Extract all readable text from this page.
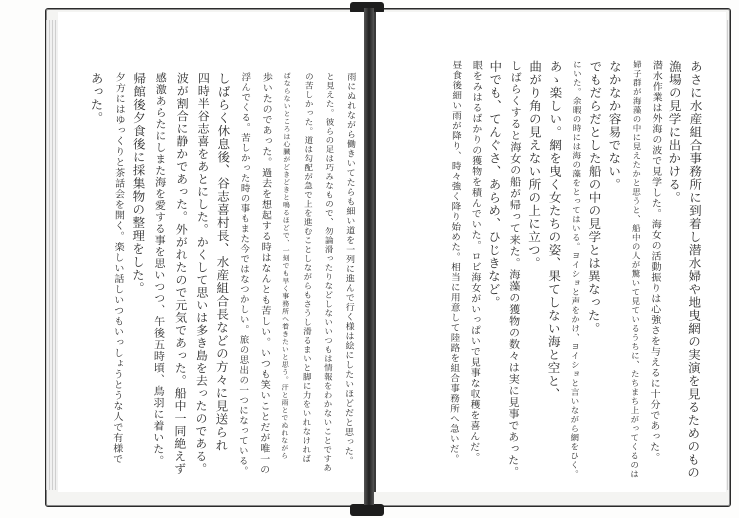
雨にぬれながら働きいてたらも細い道を一列に進んで行く様は絵にしたいほどだと思った。
と見えた。彼らの足は巧みなもので、勿論滑ったりなどしないいつもは情報をわかないことですあ
の苦しかった。道は勾配が急で上を進むことしながらもさうし滑るまいと脚に力をいれなければ
ばならないところは心臓がどきどきと鳴るほどで、一刻でも早く事務所へ着きたいと思う。汗と雨とでぬれながら
歩いたのであった。過去を想起する時はなんとも苦しい。いつも笑いことだが唯一の
浮んでくる。苦しかった時の事もまた今ではなつかしい。旅の思出の一つになっている。
しばらく休息後、谷志喜村長、水産組合長などの方々に見送られ
四時半谷志喜をあとにした。かくして思いは多き島を去ったのである。
波が割合に静かであった。外がれたので元気であった。船中一同絶えず
感激あらたにしまた海を愛する事を思いつつ、午後五時頃、鳥羽に着いた。
帰館後夕食後に採集物の整理をした。
夕方にはゆっくりと茶話会を開く。楽しい話しいつもいっしょうとうな人で有様で
あった。	あさに水産組合事務所に到着し潜水婦や地曳網の実演を見るためのもの
漁場の見学に出かける。
潜水作業は外海の波で見学した。海女の活動振りは心強さを与えるに十分であった。
婦子群が海藻の中に見えたかと思うと、船中の人が驚いて見ているうちに、たちまち上がってくるのは
なかなか容易でない。
でもだらだとした船の中の見学とは異なった。
にいた。余暇の時には海の藻をとってはいる。ヨイショと声をかけ、ヨイショと言いながら網をひく。
あゝ楽しい。網を曳く女たちの姿、果てしない海と空と、
曲がり角の見えない所の上に立つ。
しばらくすると海女の船が帰って来た。海藻の獲物の数々は実に見事であった。
中でも、てんぐさ、あらめ、ひじきなど。
眼をみはるばかりの獲物を積んでいた。ロビ海女がいっぱいで見事な収穫を喜んだ。
昼食後細い雨が降り、時々強く降り始めた。相当に用意して陸路を組合事務所へ急いだ。
